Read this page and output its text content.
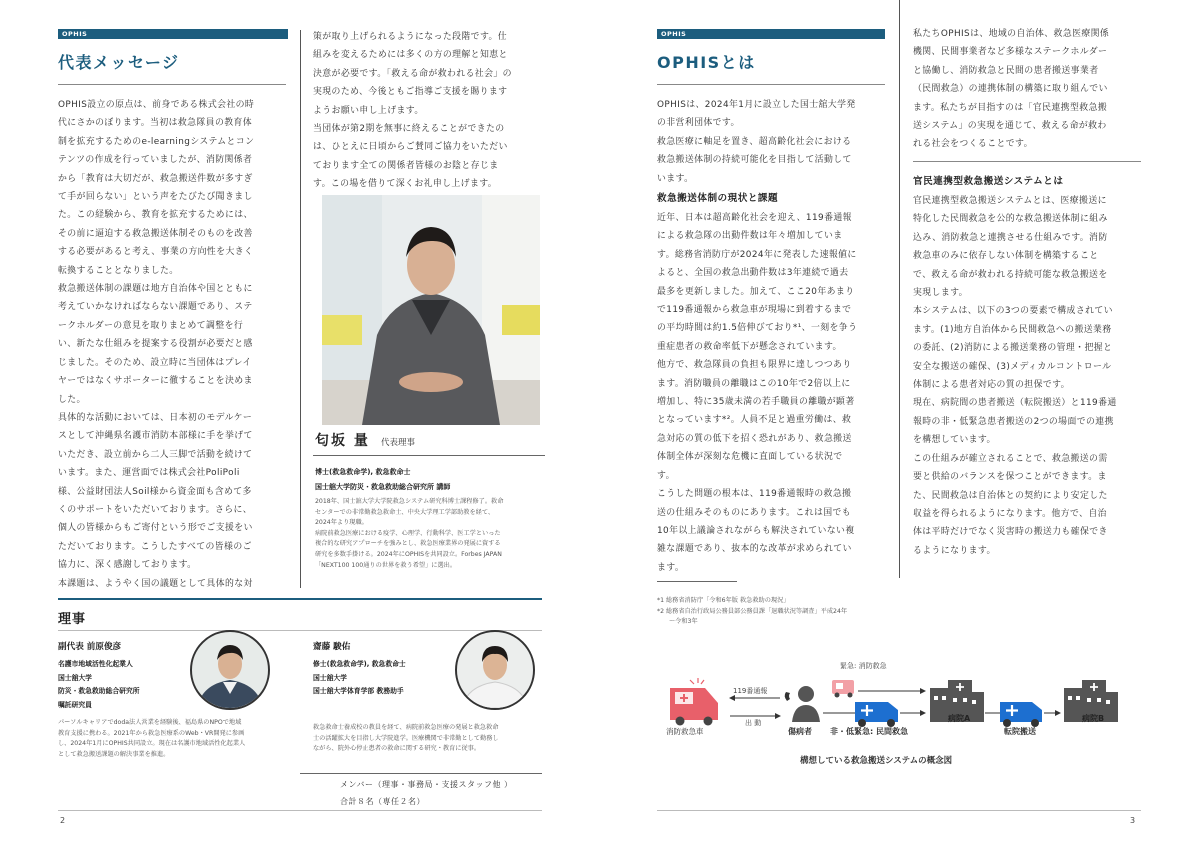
OPHIS
代表メッセージ
OPHIS設立の原点は、前身である株式会社の時
代にさかのぼります。当初は救急隊員の教育体
制を拡充するためのe-learningシステムとコン
テンツの作成を行っていましたが、消防関係者
から「教育は大切だが、救急搬送件数が多すぎ
て手が回らない」という声をたびたび聞きまし
た。この経験から、教育を拡充するためには、
その前に逼迫する救急搬送体制そのものを改善
する必要があると考え、事業の方向性を大きく
転換することとなりました。
救急搬送体制の課題は地方自治体や国とともに
考えていかなければならない課題であり、ステ
ークホルダーの意見を取りまとめて調整を行
い、新たな仕組みを提案する役割が必要だと感
じました。そのため、設立時に当団体はプレイ
ヤーではなくサポーターに徹することを決めま
した。
具体的な活動においては、日本初のモデルケー
スとして沖縄県名護市消防本部様に手を挙げて
いただき、設立前から二人三脚で活動を続けて
います。また、運営面では株式会社PoliPoli
様、公益財団法人Soil様から資金面も含めて多
くのサポートをいただいております。さらに、
個人の皆様からもご寄付という形でご支援をい
ただいております。こうしたすべての皆様のご
協力に、深く感謝しております。
本課題は、ようやく国の議題として具体的な対
策が取り上げられるようになった段階です。仕
組みを変えるためには多くの方の理解と知恵と
決意が必要です。「救える命が救われる社会」の
実現のため、今後ともご指導ご支援を賜ります
ようお願い申し上げます。
当団体が第2期を無事に終えることができたの
は、ひとえに日頃からご賛同ご協力をいただい
ております全ての関係者皆様のお陰と存じま
す。この場を借りて深くお礼申し上げます。
匂坂 量 代表理事
博士(救急救命学), 救急救命士
国士舘大学防災・救急救助総合研究所 講師
2018年、国士舘大学大学院救急システム研究科博士課程修了。救命
センターでの非常勤救急救命士、中央大学理工学部助教を経て、
2024年より現職。
病院前救急医療における疫学、心理学、行動科学、医工学といった
複合的な研究アプローチを強みとし、救急医療業界の発展に資する
研究を多数手掛ける。2024年にOPHISを共同設立。Forbes JAPAN
「NEXT100 100通りの世界を救う希望」に選出。
理事
副代表 前原俊彦
名護市地域活性化起業人
国士舘大学
防災・救急救助総合研究所
嘱託研究員
パーソルキャリアでdoda法人営業を経験後、福島県のNPOで地域
教育支援に携わる。2021年から救急医療系のWeb・VR開発に参画
し、2024年1月にOPHIS共同設立。現在は名護市地域活性化起業人
として救急搬送課題の解決事業を推進。
齋藤 駿佑
修士(救急救命学), 救急救命士
国士舘大学
国士舘大学体育学部 教務助手
救急救命士養成校の教員を経て、病院前救急医療の発展と救急救命
士の活躍拡大を目指し大学院進学。医療機関で非常勤として勤務し
ながら、院外心停止患者の救命に関する研究・教育に従事。
メンバー（理事・事務局・支援スタッフ他 ）
合計８名（専任２名）
2
OPHIS
OPHISとは
OPHISは、2024年1月に設立した国士舘大学発
の非営利団体です。
救急医療に軸足を置き、超高齢化社会における
救急搬送体制の持続可能化を目指して活動して
います。
救急搬送体制の現状と課題
近年、日本は超高齢化社会を迎え、119番通報
による救急隊の出動件数は年々増加していま
す。総務省消防庁が2024年に発表した速報値に
よると、全国の救急出動件数は3年連続で過去
最多を更新しました。加えて、ここ20年あまり
で119番通報から救急車が現場に到着するまで
の平均時間は約1.5倍伸びており*¹、一刻を争う
重症患者の救命率低下が懸念されています。
他方で、救急隊員の負担も限界に達しつつあり
ます。消防職員の離職はこの10年で2倍以上に
増加し、特に35歳未満の若手職員の離職が顕著
となっています*²。人員不足と過重労働は、救
急対応の質の低下を招く恐れがあり、救急搬送
体制全体が深刻な危機に直面している状況で
す。
こうした問題の根本は、119番通報時の救急搬
送の仕組みそのものにあります。これは国でも
10年以上議論されながらも解決されていない複
雑な課題であり、抜本的な改革が求められてい
ます。
私たちOPHISは、地域の自治体、救急医療関係
機関、民間事業者など多様なステークホルダー
と協働し、消防救急と民間の患者搬送事業者
（民間救急）の連携体制の構築に取り組んでい
ます。私たちが目指すのは「官民連携型救急搬
送システム」の実現を通じて、救える命が救わ
れる社会をつくることです。
官民連携型救急搬送システムとは
官民連携型救急搬送システムとは、医療搬送に
特化した民間救急を公的な救急搬送体制に組み
込み、消防救急と連携させる仕組みです。消防
救急車のみに依存しない体制を構築すること
で、救える命が救われる持続可能な救急搬送を
実現します。
本システムは、以下の3つの要素で構成されてい
ます。(1)地方自治体から民間救急への搬送業務
の委託、(2)消防による搬送業務の管理・把握と
安全な搬送の確保、(3)メディカルコントロール
体制による患者対応の質の担保です。
現在、病院間の患者搬送（転院搬送）と119番通
報時の非・低緊急患者搬送の2つの場面での連携
を構想しています。
この仕組みが確立されることで、救急搬送の需
要と供給のバランスを保つことができます。ま
た、民間救急は自治体との契約により安定した
収益を得られるようになります。他方で、自治
体は平時だけでなく災害時の搬送力も確保でき
るようになります。
*1 総務省消防庁「令和6年版 救急救助の現況」
*2 総務省自治行政局公務員部公務員課「退職状況等調査」平成24年
〜令和3年
緊急: 消防救急
119番通報
出 動
消防救急車	傷病者 非・低緊急: 民間救急
病院A
転院搬送
病院B
構想している救急搬送システムの概念図
3
